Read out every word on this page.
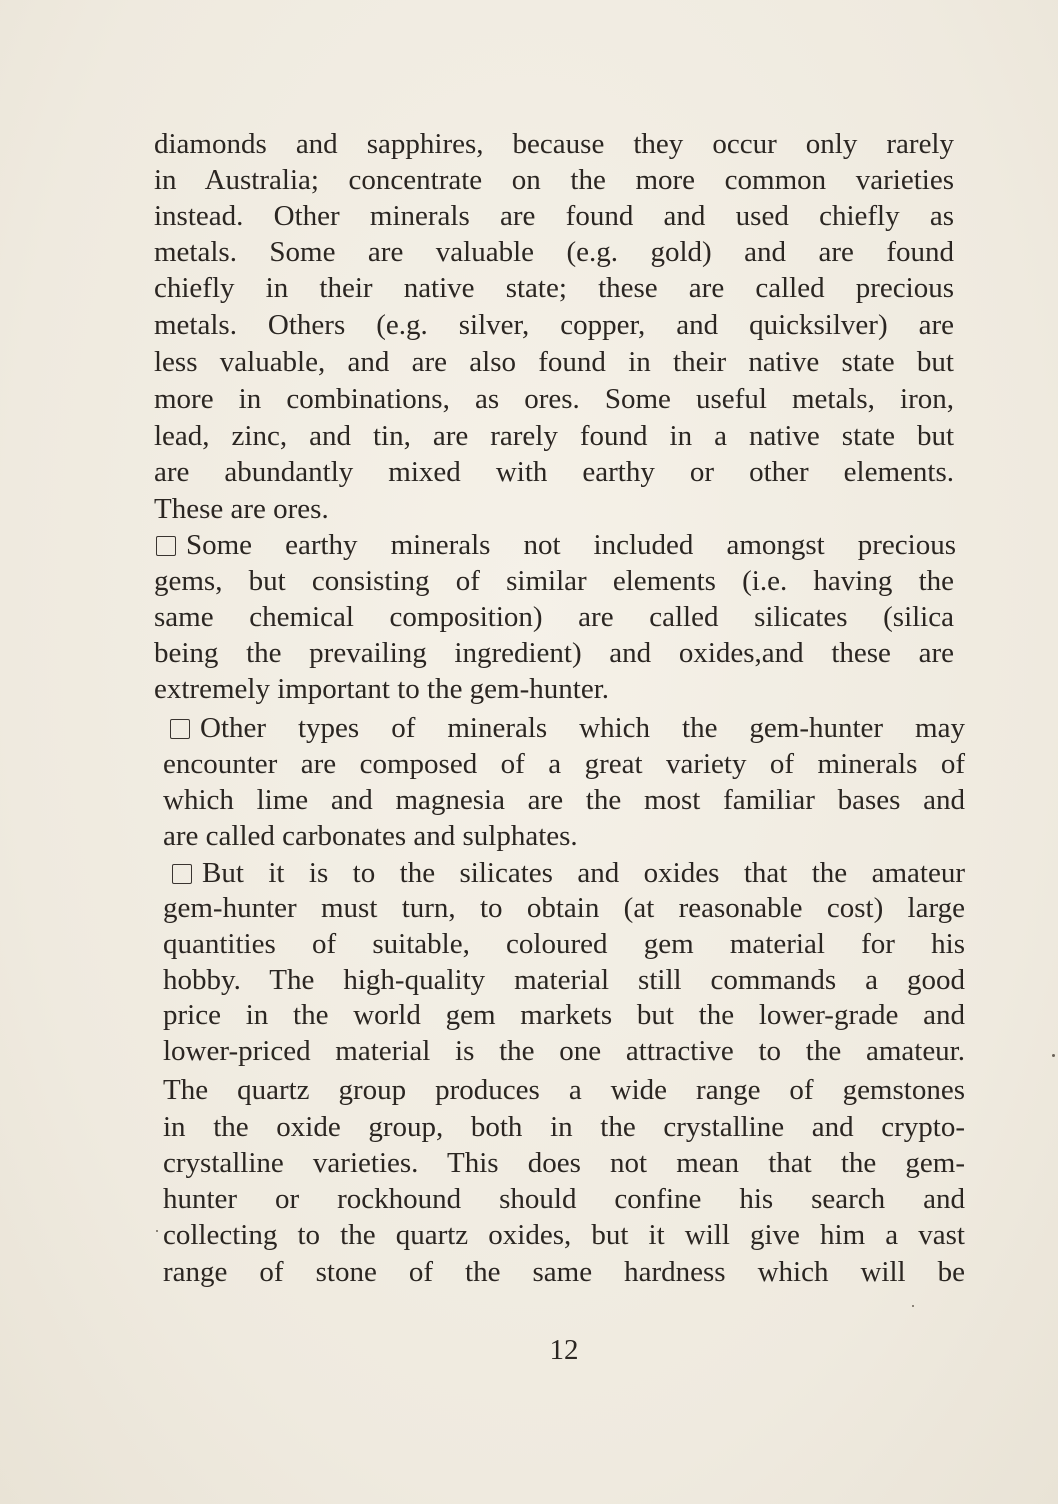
diamonds and sapphires, because they occur only rarely
in Australia; concentrate on the more common varieties
instead. Other minerals are found and used chiefly as
metals. Some are valuable (e.g. gold) and are found
chiefly in their native state; these are called precious
metals. Others (e.g. silver, copper, and quicksilver) are
less valuable, and are also found in their native state but
more in combinations, as ores. Some useful metals, iron,
lead, zinc, and tin, are rarely found in a native state but
are abundantly mixed with earthy or other elements.
These are ores.
Some earthy minerals not included amongst precious
gems, but consisting of similar elements (i.e. having the
same chemical composition) are called silicates (silica
being the prevailing ingredient) and oxides,and these are
extremely important to the gem-hunter.
Other types of minerals which the gem-hunter may
encounter are composed of a great variety of minerals of
which lime and magnesia are the most familiar bases and
are called carbonates and sulphates.
But it is to the silicates and oxides that the amateur
gem-hunter must turn, to obtain (at reasonable cost) large
quantities of suitable, coloured gem material for his
hobby. The high-quality material still commands a good
price in the world gem markets but the lower-grade and
lower-priced material is the one attractive to the amateur.
The quartz group produces a wide range of gemstones
in the oxide group, both in the crystalline and crypto-
crystalline varieties. This does not mean that the gem-
hunter or rockhound should confine his search and
collecting to the quartz oxides, but it will give him a vast
range of stone of the same hardness which will be
12
